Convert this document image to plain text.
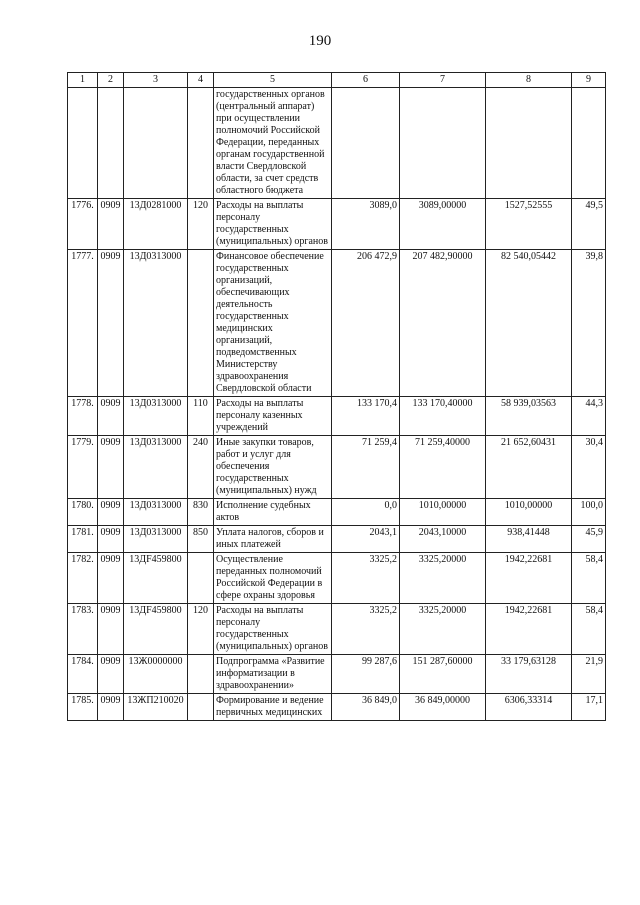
190
1	2	3	4	5	6	7	8	9
				государственных органов (центральный аппарат) при осуществлении полномочий Российской Федерации, переданных органам государственной власти Свердловской области, за счет средств областного бюджета				
1776.	0909	13Д0281000	120	Расходы на выплаты персоналу государственных (муниципальных) органов	3089,0	3089,00000	1527,52555	49,5
1777.	0909	13Д0313000		Финансовое обеспечение государственных организаций, обеспечивающих деятельность государственных медицинских организаций, подведомственных Министерству здравоохранения Свердловской области	206 472,9	207 482,90000	82 540,05442	39,8
1778.	0909	13Д0313000	110	Расходы на выплаты персоналу казенных учреждений	133 170,4	133 170,40000	58 939,03563	44,3
1779.	0909	13Д0313000	240	Иные закупки товаров, работ и услуг для обеспечения государственных (муниципальных) нужд	71 259,4	71 259,40000	21 652,60431	30,4
1780.	0909	13Д0313000	830	Исполнение судебных актов	0,0	1010,00000	1010,00000	100,0
1781.	0909	13Д0313000	850	Уплата налогов, сборов и иных платежей	2043,1	2043,10000	938,41448	45,9
1782.	0909	13ДF459800		Осуществление переданных полномочий Российской Федерации в сфере охраны здоровья	3325,2	3325,20000	1942,22681	58,4
1783.	0909	13ДF459800	120	Расходы на выплаты персоналу государственных (муниципальных) органов	3325,2	3325,20000	1942,22681	58,4
1784.	0909	13Ж0000000		Подпрограмма «Развитие информатизации в здравоохранении»	99 287,6	151 287,60000	33 179,63128	21,9
1785.	0909	13ЖП210020		Формирование и ведение первичных медицинских	36 849,0	36 849,00000	6306,33314	17,1
